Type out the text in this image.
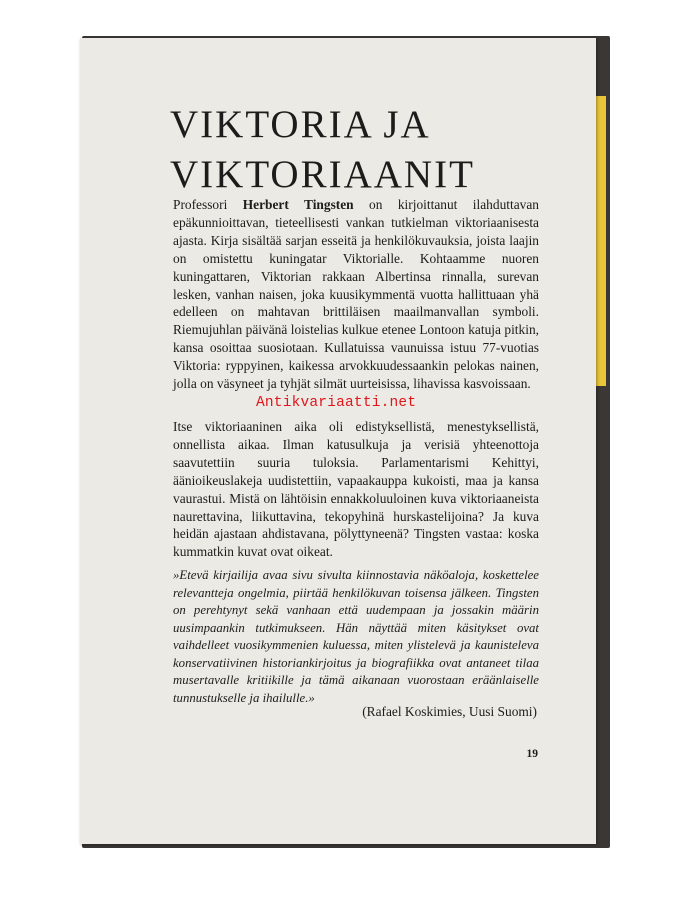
VIKTORIA JA
VIKTORIAANIT
Professori Herbert Tingsten on kirjoittanut ilahduttavan epäkunnioittavan, tieteellisesti vankan tutkielman viktoriaanisesta ajasta. Kirja sisältää sarjan esseitä ja henkilökuvauksia, joista laajin on omistettu kuningatar Viktorialle. Kohtaamme nuoren kuningattaren, Viktorian rakkaan Albertinsa rinnalla, surevan lesken, vanhan naisen, joka kuusikymmentä vuotta hallittuaan yhä edelleen on mahtavan brittiläisen maailmanvallan symboli. Riemujuhlan päivänä loistelias kulkue etenee Lontoon katuja pitkin, kansa osoittaa suosiotaan. Kullatuissa vaunuissa istuu 77-vuotias Viktoria: ryppyinen, kaikessa arvokkuudessaankin pelokas nainen, jolla on väsyneet ja tyhjät silmät uurteisissa, lihavissa kasvoissaan.
Itse viktoriaaninen aika oli edistyksellistä, menestyksellistä, onnellista aikaa. Ilman katusulkuja ja verisiä yhteenottoja saavutettiin suuria tuloksia. Parlamentarismi Kehittyi, äänioikeuslakeja uudistettiin, vapaakauppa kukoisti, maa ja kansa vaurastui. Mistä on lähtöisin ennakkoluuloinen kuva viktoriaaneista naurettavina, liikuttavina, tekopyhinä hurskastelijoina? Ja kuva heidän ajastaan ahdistavana, pölyttyneenä? Tingsten vastaa: koska kummatkin kuvat ovat oikeat.
»Etevä kirjailija avaa sivu sivulta kiinnostavia näköaloja, koskettelee relevantteja ongelmia, piirtää henkilökuvan toisensa jälkeen. Tingsten on perehtynyt sekä vanhaan että uudempaan ja jossakin määrin uusimpaankin tutkimukseen. Hän näyttää miten käsitykset ovat vaihdelleet vuosikymmenien kuluessa, miten ylistelevä ja kaunisteleva konservatiivinen historiankirjoitus ja biografiikka ovat antaneet tilaa musertavalle kritiikille ja tämä aikanaan vuorostaan eräänlaiselle tunnustukselle ja ihailulle.»
(Rafael Koskimies, Uusi Suomi)
19
Antikvariaatti.net
